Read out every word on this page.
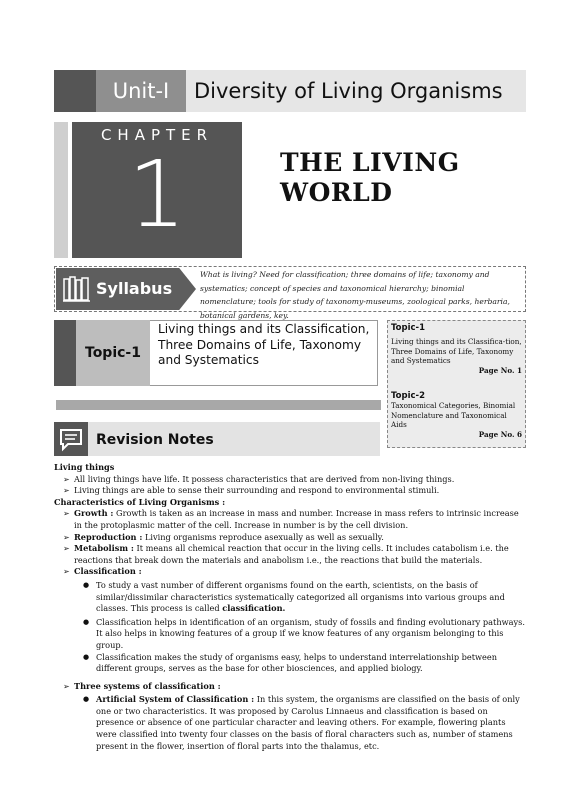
Unit-I	Diversity of Living Organisms
CHAPTER
1	THE LIVING
WORLD
Syllabus
What is living? Need for classification; three domains of life; taxonomy and systematics; concept of species and taxonomical hierarchy; binomial nomenclature; tools for study of taxonomy-museums, zoological parks, herbaria, botanical gardens, key.
Topic-1
Living things and its Classification, Three Domains of Life, Taxonomy and Systematics
Topic-1
Living things and its Classifica-tion, Three Domains of Life, Taxonomy and Systematics
Page No. 1
Topic-2
Taxonomical Categories, Binomial Nomenclature and Taxonomical Aids
Page No. 6
Revision Notes

Living things

➢ All living things have life. It possess characteristics that are derived from non-living things.

➢ Living things are able to sense their surrounding and respond to environmental stimuli.

Characteristics of Living Organisms :

➢ Growth : Growth is taken as an increase in mass and number. Increase in mass refers to intrinsic increase in the protoplasmic matter of the cell. Increase in number is by the cell division.

➢ Reproduction : Living organisms reproduce asexually as well as sexually.

➢ Metabolism : It means all chemical reaction that occur in the living cells. It includes catabolism i.e. the reactions that break down the materials and anabolism i.e., the reactions that build the materials.

➢ Classification :

● To study a vast number of different organisms found on the earth, scientists, on the basis of similar/dissimilar characteristics systematically categorized all organisms into various groups and classes. This process is called classification.

● Classification helps in identification of an organism, study of fossils and finding evolutionary pathways.

It also helps in knowing features of a group if we know features of any organism belonging to this group.

● Classification makes the study of organisms easy, helps to understand interrelationship between different groups, serves as the base for other biosciences, and applied biology.

➢ Three systems of classification :

● Artificial System of Classification : In this system, the organisms are classified on the basis of only one or two characteristics. It was proposed by Carolus Linnaeus and classification is based on presence or absence of one particular character and leaving others. For example, flowering plants were classified into twenty four classes on the basis of floral characters such as, number of stamens present in the flower, insertion of floral parts into the thalamus, etc.
